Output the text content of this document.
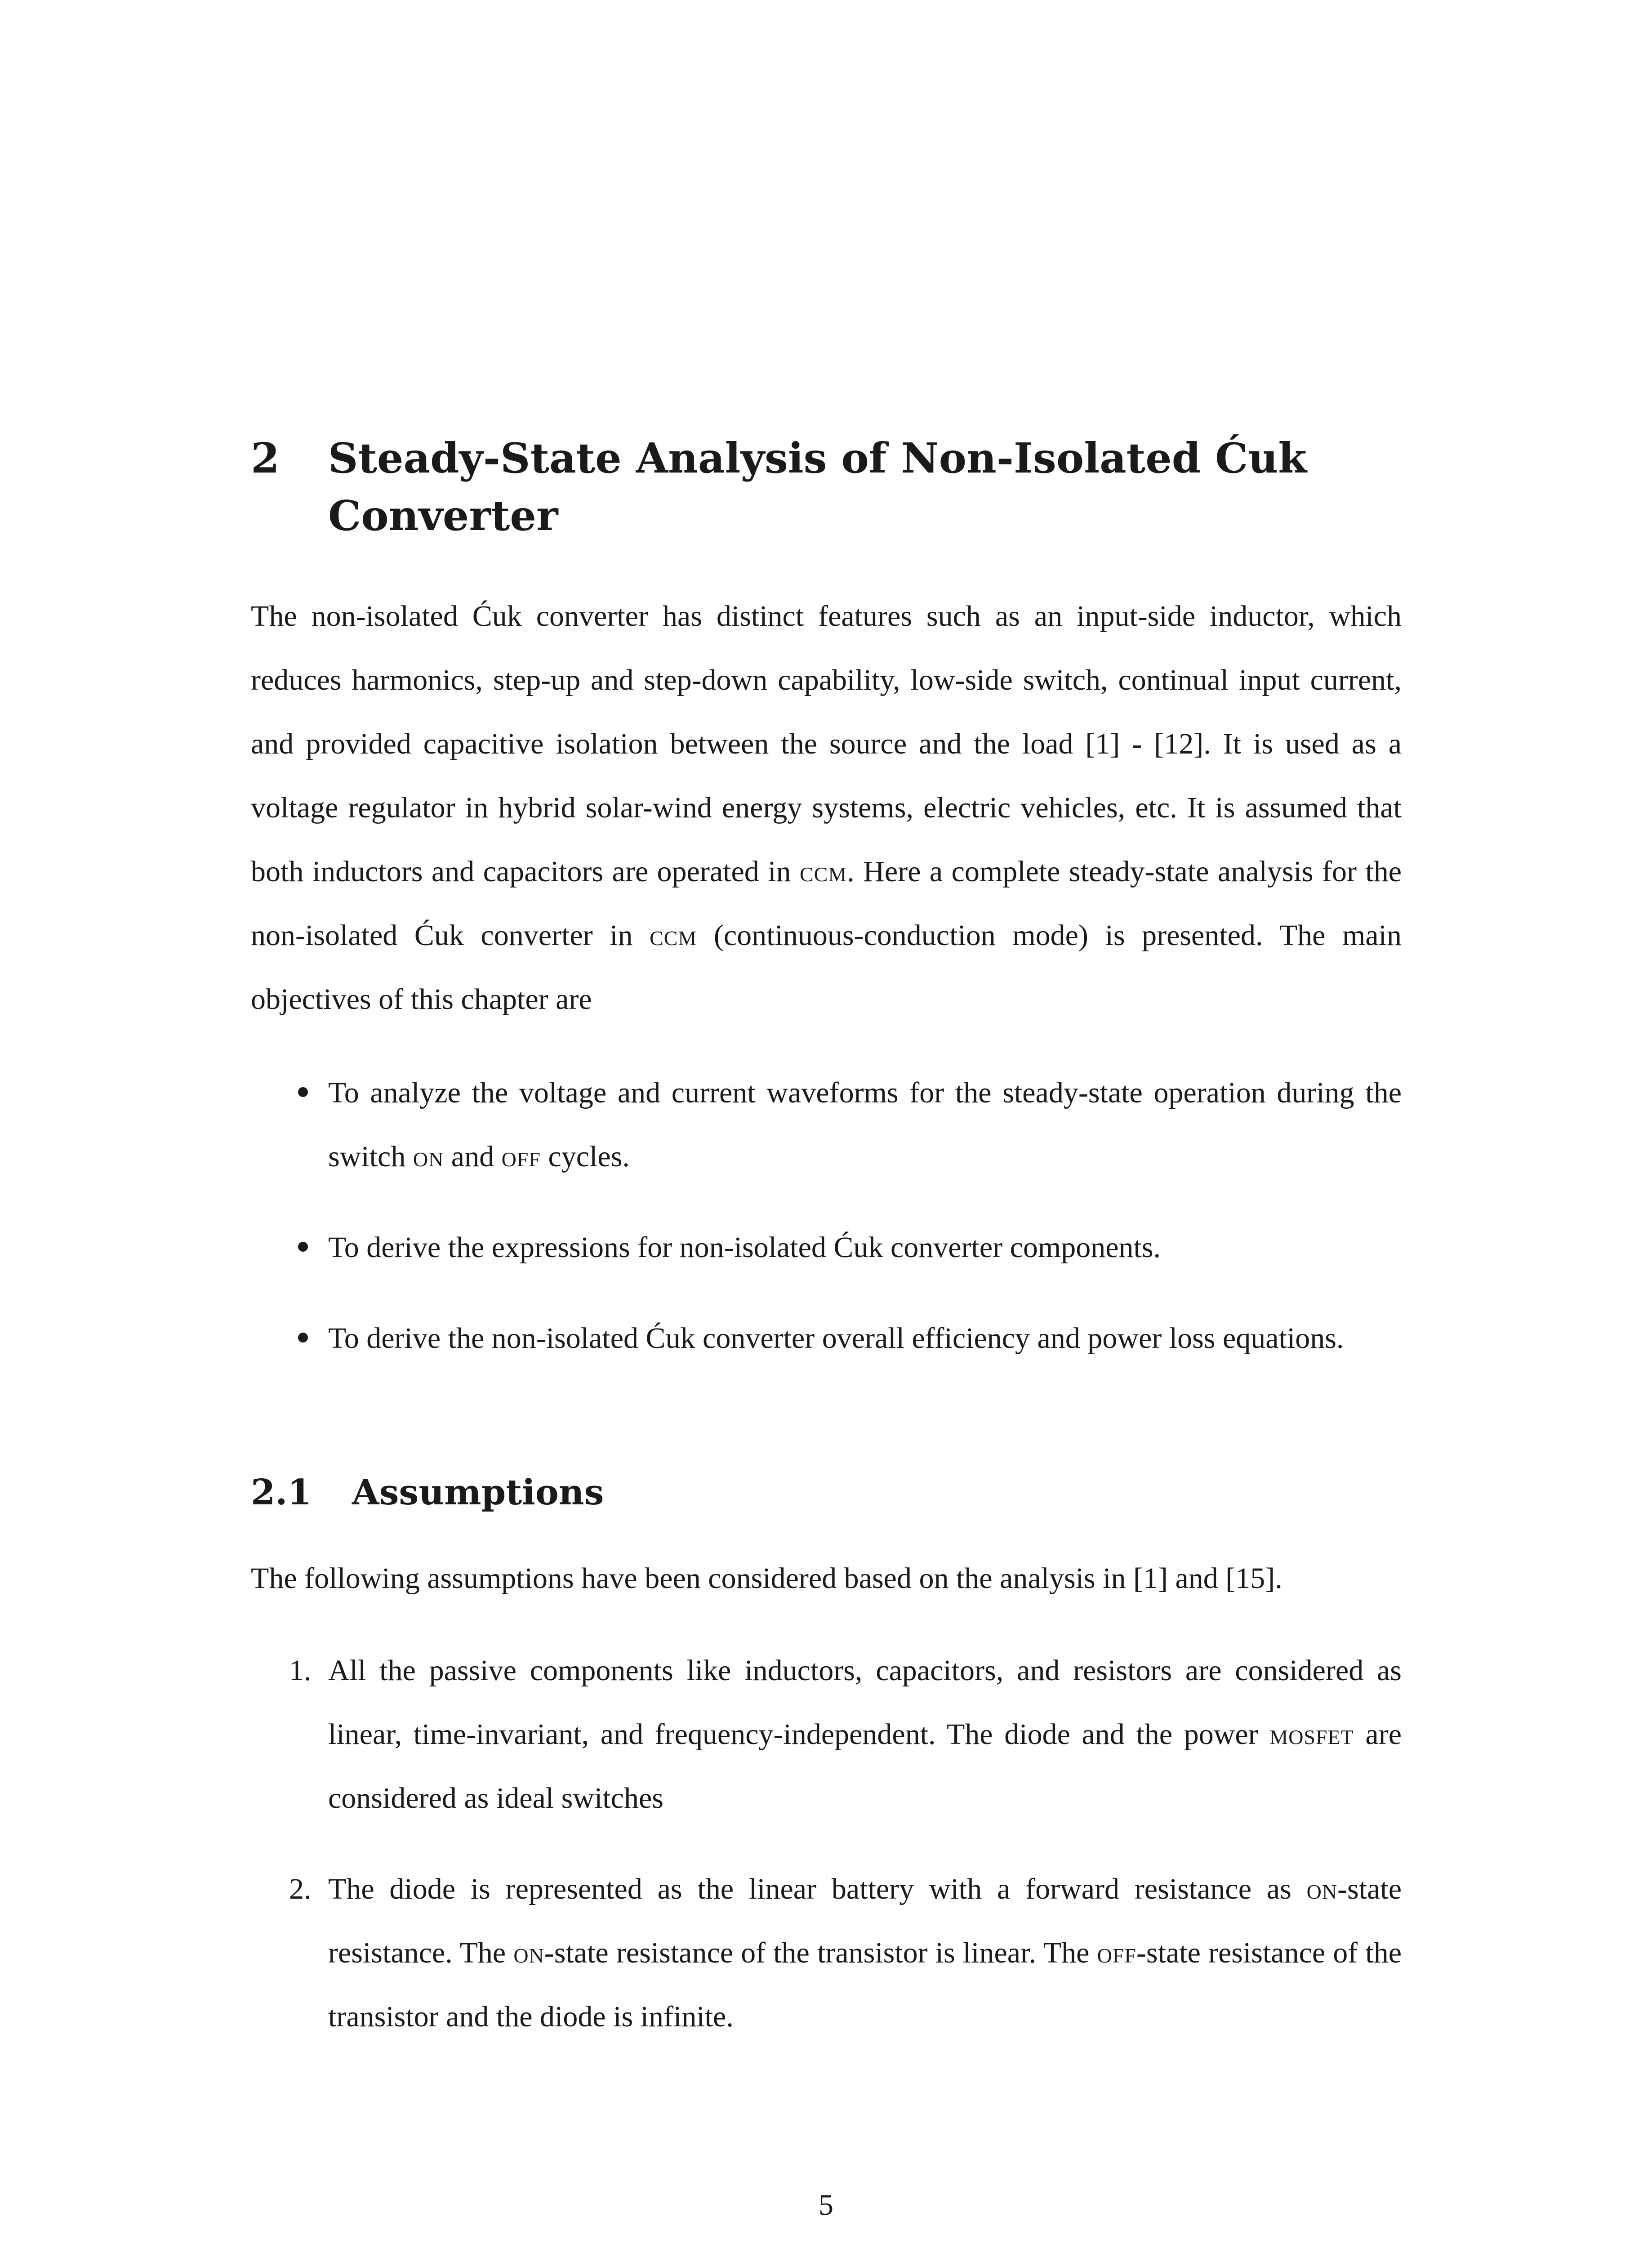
2 Steady-State Analysis of Non-Isolated Ćuk Converter

The non-isolated Ćuk converter has distinct features such as an input-side inductor, which reduces harmonics, step-up and step-down capability, low-side switch, continual input current, and provided capacitive isolation between the source and the load [1] - [12]. It is used as a voltage regulator in hybrid solar-wind energy systems, electric vehicles, etc. It is assumed that both inductors and capacitors are operated in ccm. Here a complete steady-state analysis for the non-isolated Ćuk converter in ccm (continuous-conduction mode) is presented. The main objectives of this chapter are

To analyze the voltage and current waveforms for the steady-state operation during the switch on and off cycles.
To derive the expressions for non-isolated Ćuk converter components.
To derive the non-isolated Ćuk converter overall efficiency and power loss equations.
2.1 Assumptions

The following assumptions have been considered based on the analysis in [1] and [15].

1. All the passive components like inductors, capacitors, and resistors are considered as linear, time-invariant, and frequency-independent. The diode and the power mosfet are considered as ideal switches
2. The diode is represented as the linear battery with a forward resistance as on-state resistance. The on-state resistance of the transistor is linear. The off-state resistance of the transistor and the diode is infinite.
5
